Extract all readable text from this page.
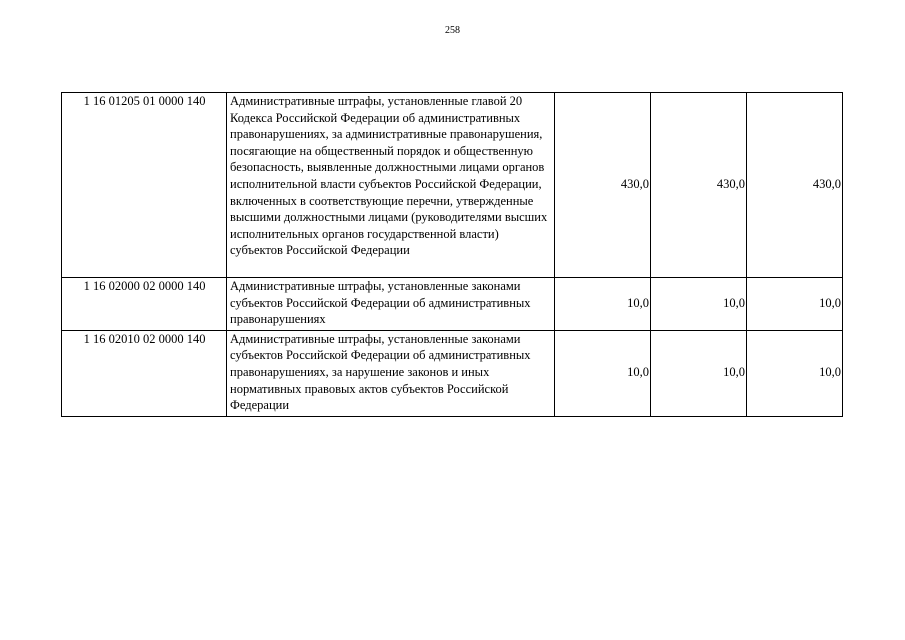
258
1 16 01205 01 0000 140	Административные штрафы, установленные главой 20 Кодекса Российской Федерации об административных правонарушениях, за административные правонарушения, посягающие на общественный порядок и общественную безопасность, выявленные должностными лицами органов исполнительной власти субъектов Российской Федерации, включенных в соответствующие перечни, утвержденные высшими должностными лицами (руководителями высших исполнительных органов государственной власти) субъектов Российской Федерации	430,0	430,0	430,0
1 16 02000 02 0000 140	Административные штрафы, установленные законами субъектов Российской Федерации об административных правонарушениях	10,0	10,0	10,0
1 16 02010 02 0000 140	Административные штрафы, установленные законами субъектов Российской Федерации об административных правонарушениях, за нарушение законов и иных нормативных правовых актов субъектов Российской Федерации	10,0	10,0	10,0
